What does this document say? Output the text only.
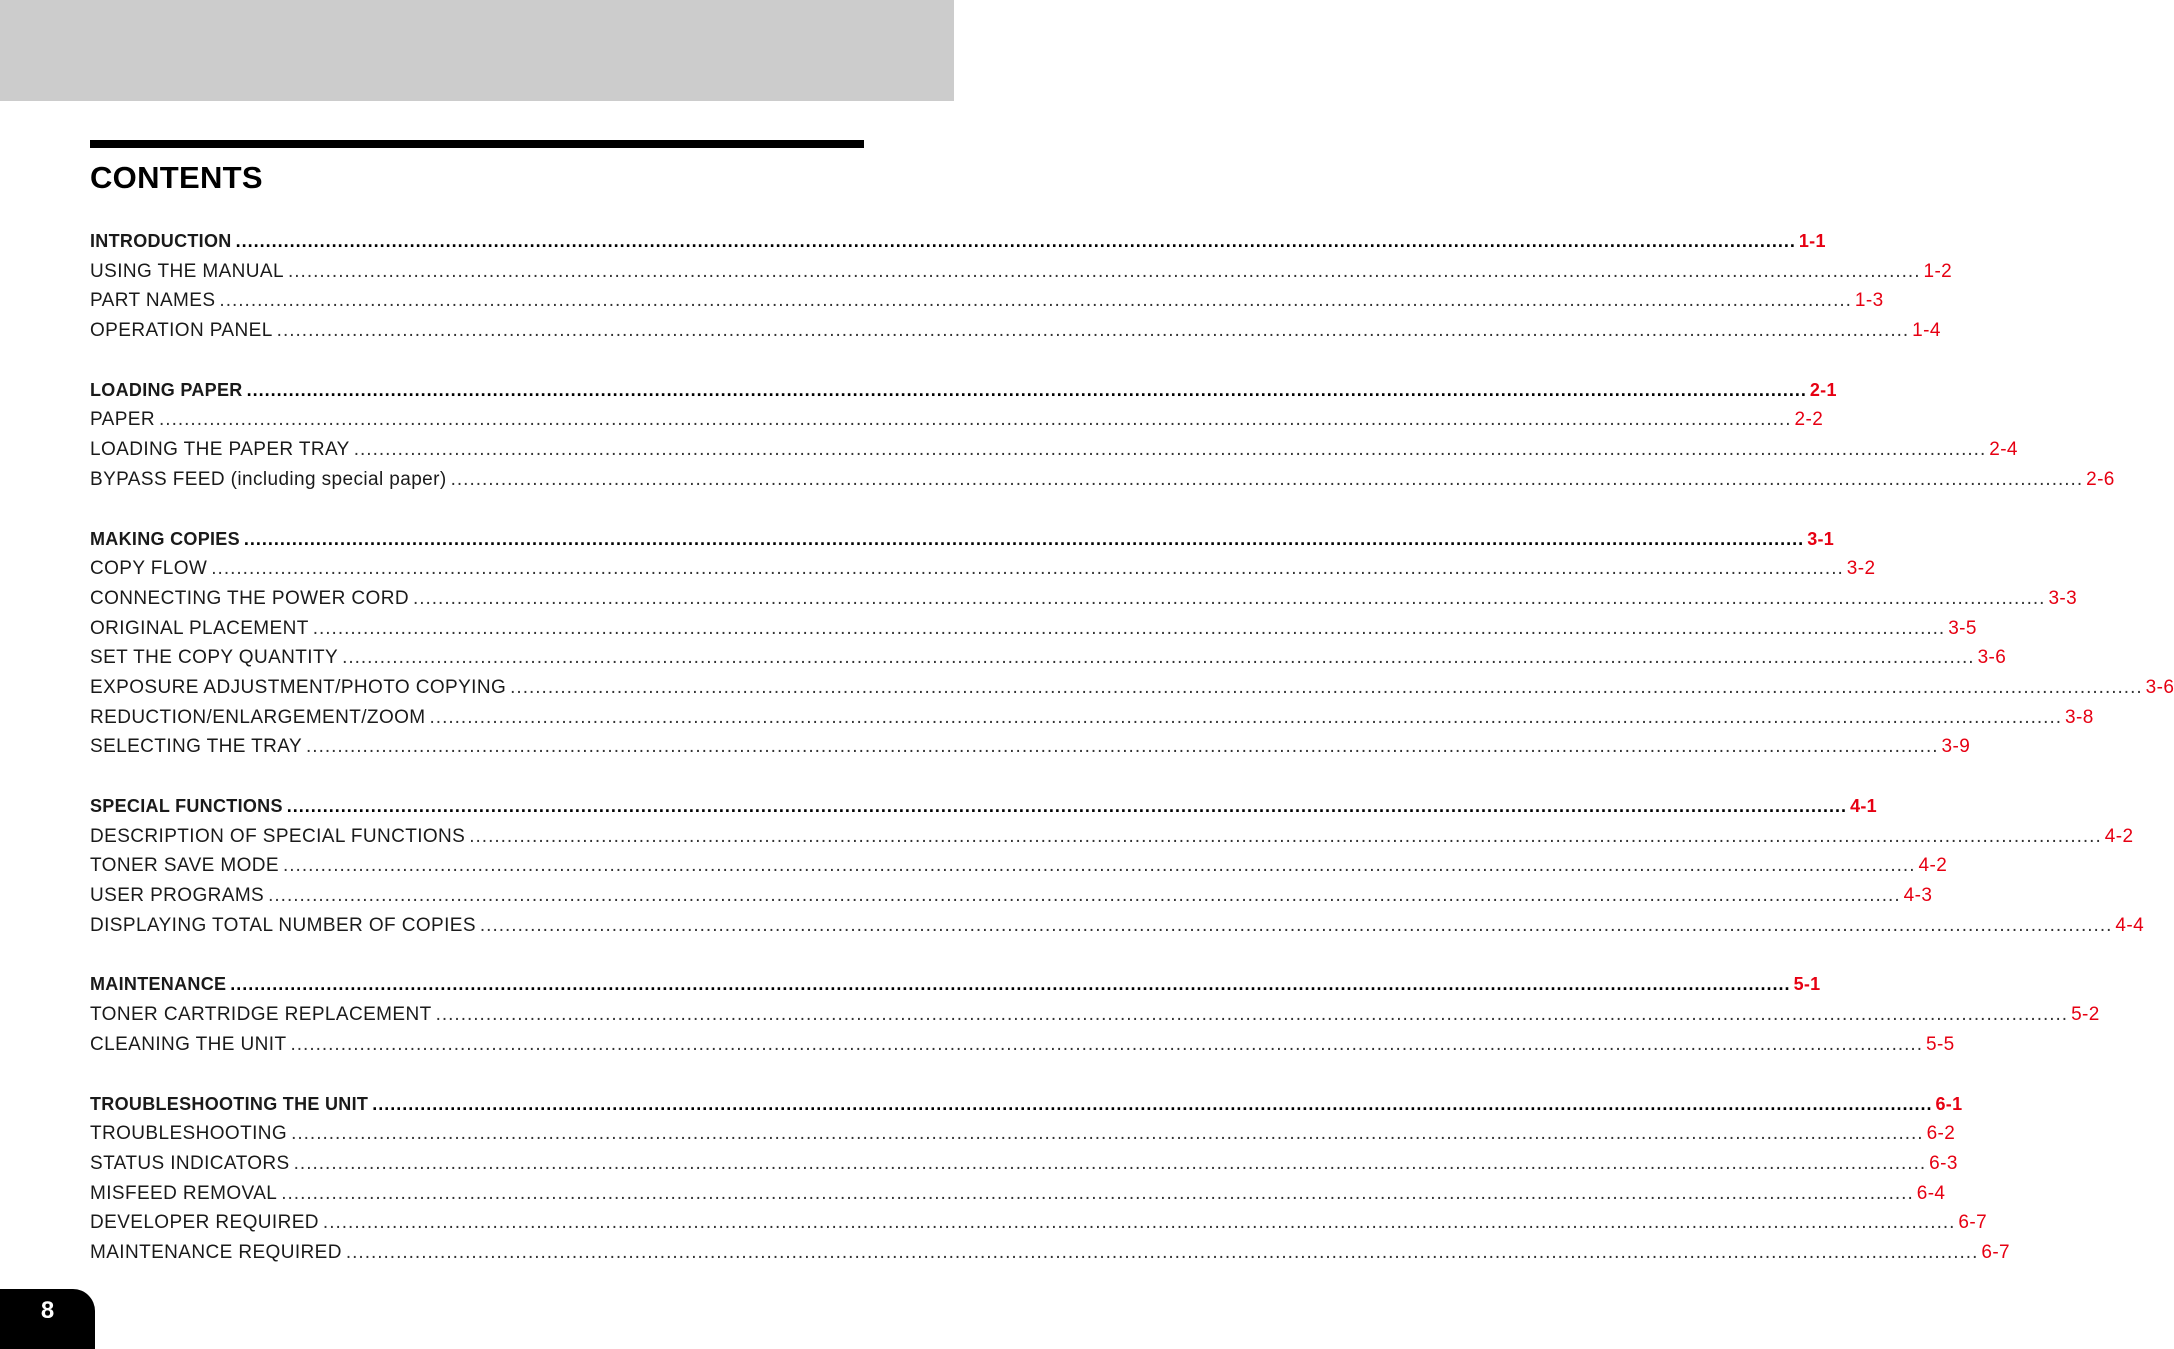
CONTENTS
INTRODUCTION .................................................................................................................................................................................................................................................................... 1-1
USING THE MANUAL .................................................................................................................................................................................................................................................................... 1-2
PART NAMES .................................................................................................................................................................................................................................................................... 1-3
OPERATION PANEL .................................................................................................................................................................................................................................................................... 1-4
LOADING PAPER .................................................................................................................................................................................................................................................................... 2-1
PAPER .................................................................................................................................................................................................................................................................... 2-2
LOADING THE PAPER TRAY .................................................................................................................................................................................................................................................................... 2-4
BYPASS FEED (including special paper) .................................................................................................................................................................................................................................................................... 2-6
MAKING COPIES .................................................................................................................................................................................................................................................................... 3-1
COPY FLOW .................................................................................................................................................................................................................................................................... 3-2
CONNECTING THE POWER CORD .................................................................................................................................................................................................................................................................... 3-3
ORIGINAL PLACEMENT .................................................................................................................................................................................................................................................................... 3-5
SET THE COPY QUANTITY .................................................................................................................................................................................................................................................................... 3-6
EXPOSURE ADJUSTMENT/PHOTO COPYING .................................................................................................................................................................................................................................................................... 3-6
REDUCTION/ENLARGEMENT/ZOOM .................................................................................................................................................................................................................................................................... 3-8
SELECTING THE TRAY .................................................................................................................................................................................................................................................................... 3-9
SPECIAL FUNCTIONS .................................................................................................................................................................................................................................................................... 4-1
DESCRIPTION OF SPECIAL FUNCTIONS .................................................................................................................................................................................................................................................................... 4-2
TONER SAVE MODE .................................................................................................................................................................................................................................................................... 4-2
USER PROGRAMS .................................................................................................................................................................................................................................................................... 4-3
DISPLAYING TOTAL NUMBER OF COPIES .................................................................................................................................................................................................................................................................... 4-4
MAINTENANCE .................................................................................................................................................................................................................................................................... 5-1
TONER CARTRIDGE REPLACEMENT .................................................................................................................................................................................................................................................................... 5-2
CLEANING THE UNIT .................................................................................................................................................................................................................................................................... 5-5
TROUBLESHOOTING THE UNIT .................................................................................................................................................................................................................................................................... 6-1
TROUBLESHOOTING .................................................................................................................................................................................................................................................................... 6-2
STATUS INDICATORS .................................................................................................................................................................................................................................................................... 6-3
MISFEED REMOVAL .................................................................................................................................................................................................................................................................... 6-4
DEVELOPER REQUIRED .................................................................................................................................................................................................................................................................... 6-7
MAINTENANCE REQUIRED .................................................................................................................................................................................................................................................................... 6-7
8
